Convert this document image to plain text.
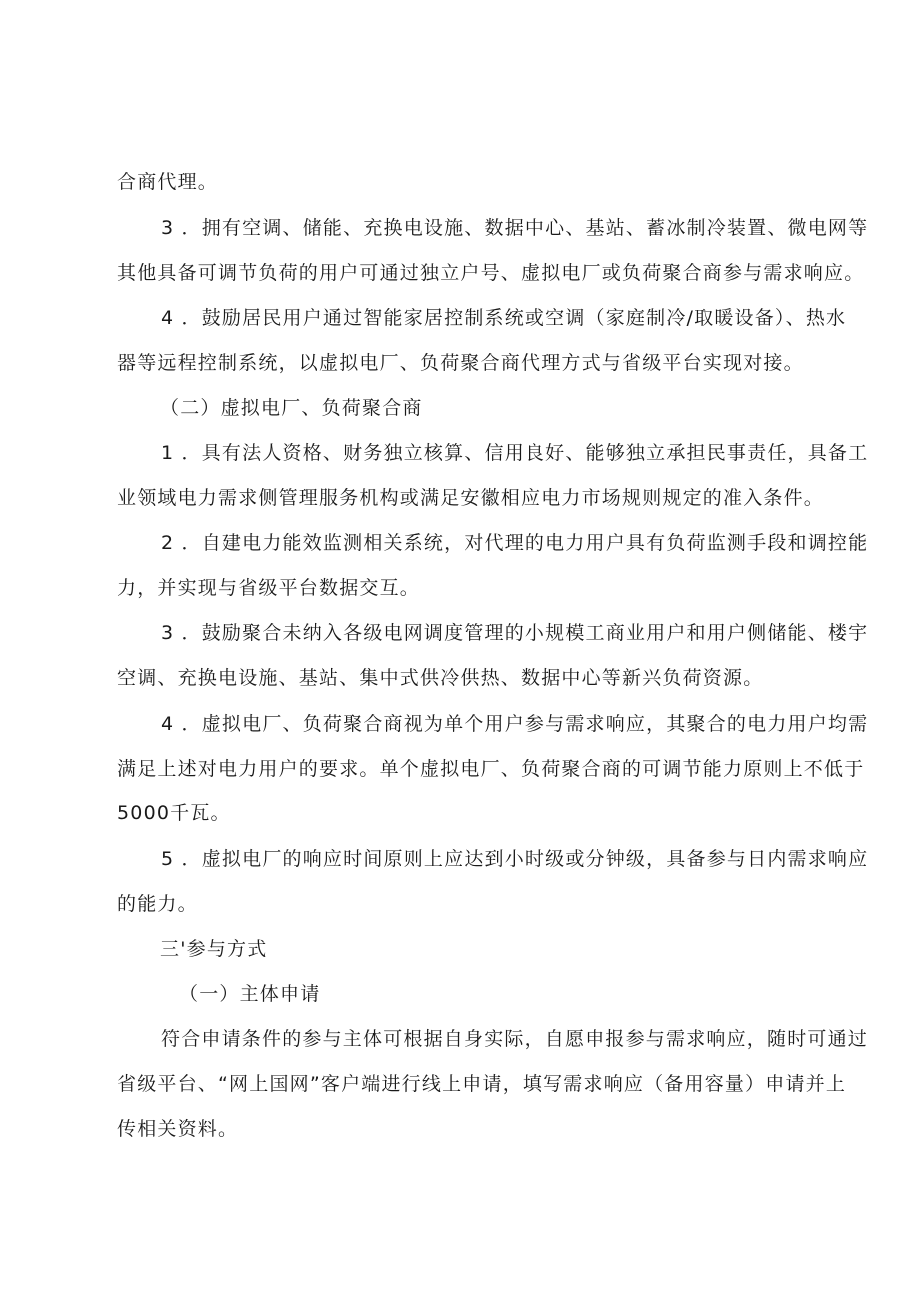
合商代理。
3 ．拥有空调、储能、充换电设施、数据中心、基站、蓄冰制冷装置、微电网等
其他具备可调节负荷的用户可通过独立户号、虚拟电厂或负荷聚合商参与需求响应。
4 ．鼓励居民用户通过智能家居控制系统或空调（家庭制冷/取暖设备）、热水
器等远程控制系统，以虚拟电厂、负荷聚合商代理方式与省级平台实现对接。
（二）虚拟电厂、负荷聚合商
1 ．具有法人资格、财务独立核算、信用良好、能够独立承担民事责任，具备工
业领域电力需求侧管理服务机构或满足安徽相应电力市场规则规定的准入条件。
2 ．自建电力能效监测相关系统，对代理的电力用户具有负荷监测手段和调控能
力，并实现与省级平台数据交互。
3 ．鼓励聚合未纳入各级电网调度管理的小规模工商业用户和用户侧储能、楼宇
空调、充换电设施、基站、集中式供冷供热、数据中心等新兴负荷资源。
4 ．虚拟电厂、负荷聚合商视为单个用户参与需求响应，其聚合的电力用户均需
满足上述对电力用户的要求。单个虚拟电厂、负荷聚合商的可调节能力原则上不低于
5000千瓦。
5 ．虚拟电厂的响应时间原则上应达到小时级或分钟级，具备参与日内需求响应
的能力。
三'参与方式
（一）主体申请
符合申请条件的参与主体可根据自身实际，自愿申报参与需求响应，随时可通过
省级平台、“网上国网”客户端进行线上申请，填写需求响应（备用容量）申请并上
传相关资料。
